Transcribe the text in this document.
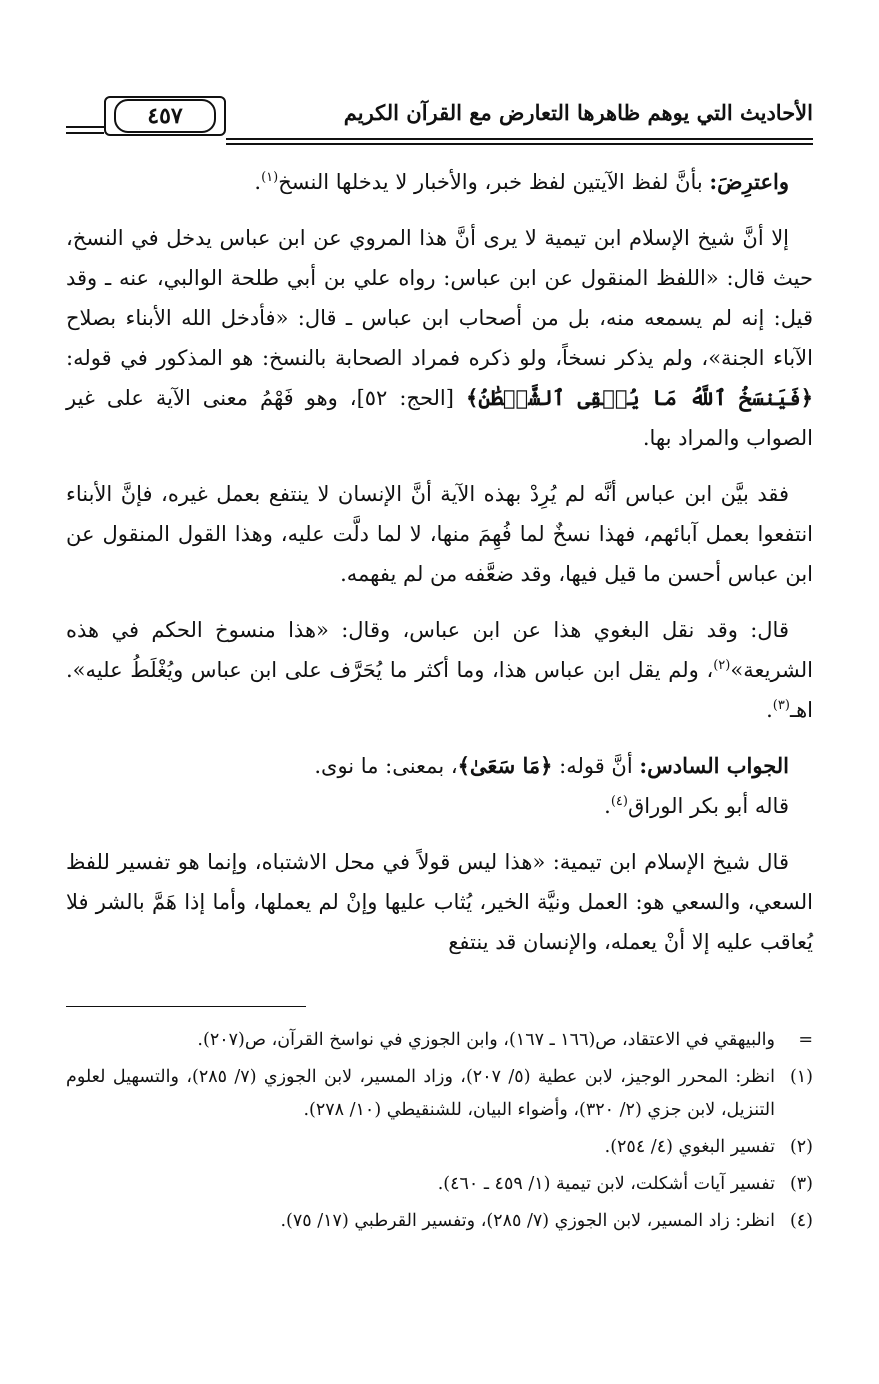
الأحاديث التي يوهم ظاهرها التعارض مع القرآن الكريم
٤٥٧

واعترِضَ: بأنَّ لفظ الآيتين لفظ خبر، والأخبار لا يدخلها النسخ$^{(١)}$.

إلا أنَّ شيخ الإسلام ابن تيمية لا يرى أنَّ هذا المروي عن ابن عباس يدخل في النسخ، حيث قال: «اللفظ المنقول عن ابن عباس: رواه علي بن أبي طلحة الوالبي، عنه ـ وقد قيل: إنه لم يسمعه منه، بل من أصحاب ابن عباس ـ قال: «فأدخل الله الأبناء بصلاح الآباء الجنة»، ولم يذكر نسخاً، ولو ذكره فمراد الصحابة بالنسخ: هو المذكور في قوله: ﴿فَيَنسَخُ ٱللَّهُ مَا يُلۡقِى ٱلشَّيۡطَٰنُ﴾ [الحج: ٥٢]، وهو فَهْمُ معنى الآية على غير الصواب والمراد بها.

فقد بيَّن ابن عباس أنَّه لم يُرِدْ بهذه الآية أنَّ الإنسان لا ينتفع بعمل غيره، فإنَّ الأبناء انتفعوا بعمل آبائهم، فهذا نسخٌ لما فُهِمَ منها، لا لما دلَّت عليه، وهذا القول المنقول عن ابن عباس أحسن ما قيل فيها، وقد ضعَّفه من لم يفهمه.

قال: وقد نقل البغوي هذا عن ابن عباس، وقال: «هذا منسوخ الحكم في هذه الشريعة»$^{(٢)}$، ولم يقل ابن عباس هذا، وما أكثر ما يُحَرَّف على ابن عباس ويُغْلَطُ عليه». اهـ$^{(٣)}$.

الجواب السادس: أنَّ قوله: ﴿مَا سَعَىٰ﴾، بمعنى: ما نوى.

قاله أبو بكر الوراق$^{(٤)}$.

قال شيخ الإسلام ابن تيمية: «هذا ليس قولاً في محل الاشتباه، وإنما هو تفسير للفظ السعي، والسعي هو: العمل ونيَّة الخير، يُثاب عليها وإنْ لم يعملها، وأما إذا هَمَّ بالشر فلا يُعاقب عليه إلا أنْ يعمله، والإنسان قد ينتفع

=
والبيهقي في الاعتقاد، ص(١٦٦ ـ ١٦٧)، وابن الجوزي في نواسخ القرآن، ص(٢٠٧).
(١)
انظر: المحرر الوجيز، لابن عطية (٥/ ٢٠٧)، وزاد المسير، لابن الجوزي (٧/ ٢٨٥)، والتسهيل لعلوم التنزيل، لابن جزي (٢/ ٣٢٠)، وأضواء البيان، للشنقيطي (١٠/ ٢٧٨).
(٢)
تفسير البغوي (٤/ ٢٥٤).
(٣)
تفسير آيات أشكلت، لابن تيمية (١/ ٤٥٩ ـ ٤٦٠).
(٤)
انظر: زاد المسير، لابن الجوزي (٧/ ٢٨٥)، وتفسير القرطبي (١٧/ ٧٥).
